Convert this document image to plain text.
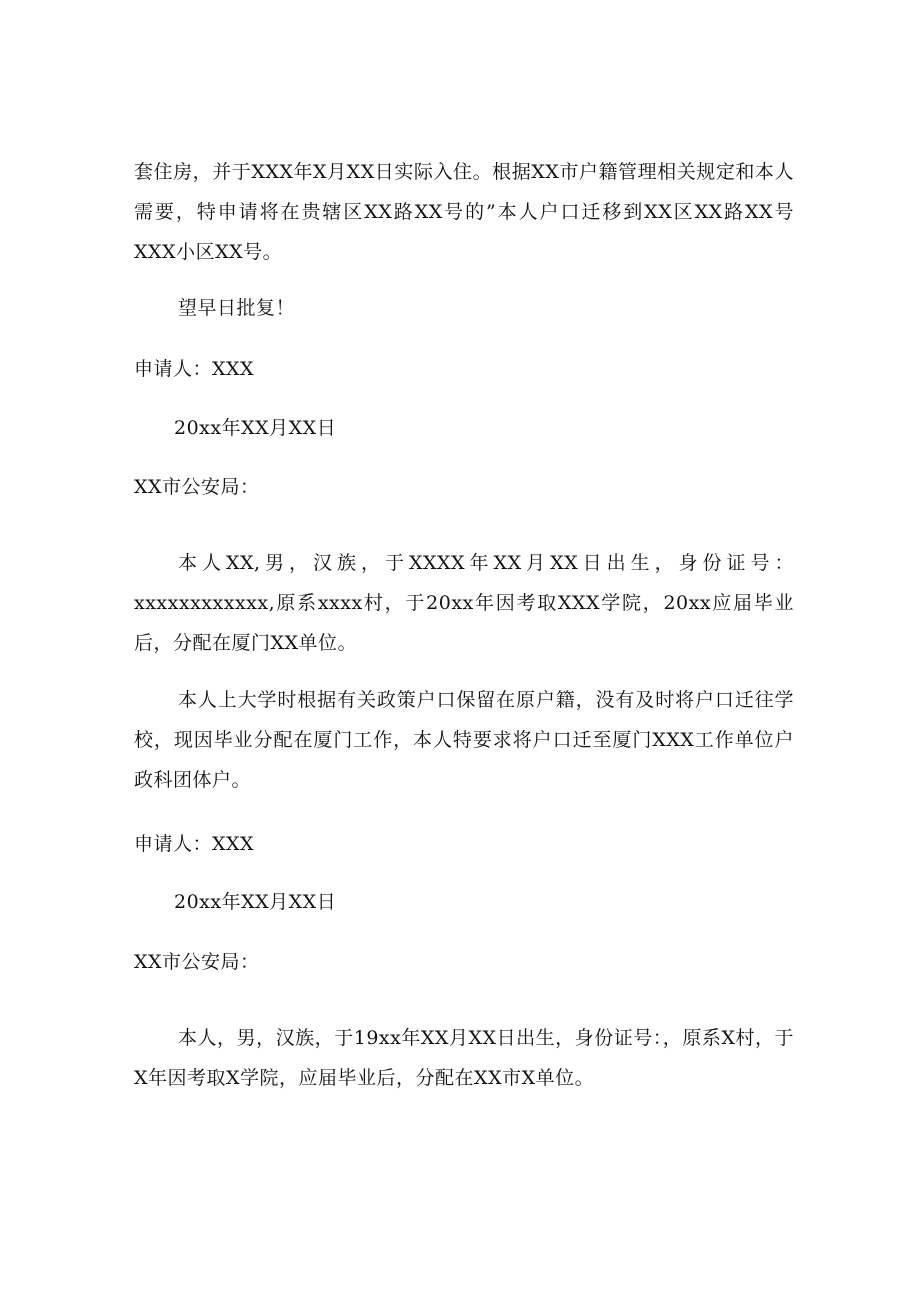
套住房，并于XXX年X月XX日实际入住。根据XX市户籍管理相关规定和本人需要，特申请将在贵辖区XX路XX号的”本人户口迁移到XX区XX路XX号XXX小区XX号。

望早日批复！

申请人：XXX

20xx年XX月XX日

XX市公安局：

本人XX,男，汉族，于XXXX年XX月XX日出生，身份证号：xxxxxxxxxxxx,原系xxxx村，于20xx年因考取XXX学院，20xx应届毕业后，分配在厦门XX单位。

本人上大学时根据有关政策户口保留在原户籍，没有及时将户口迁往学校，现因毕业分配在厦门工作，本人特要求将户口迁至厦门XXX工作单位户政科团体户。

申请人：XXX

20xx年XX月XX日

XX市公安局：

本人，男，汉族，于19xx年XX月XX日出生，身份证号：，原系X村，于X年因考取X学院，应届毕业后，分配在XX市X单位。
